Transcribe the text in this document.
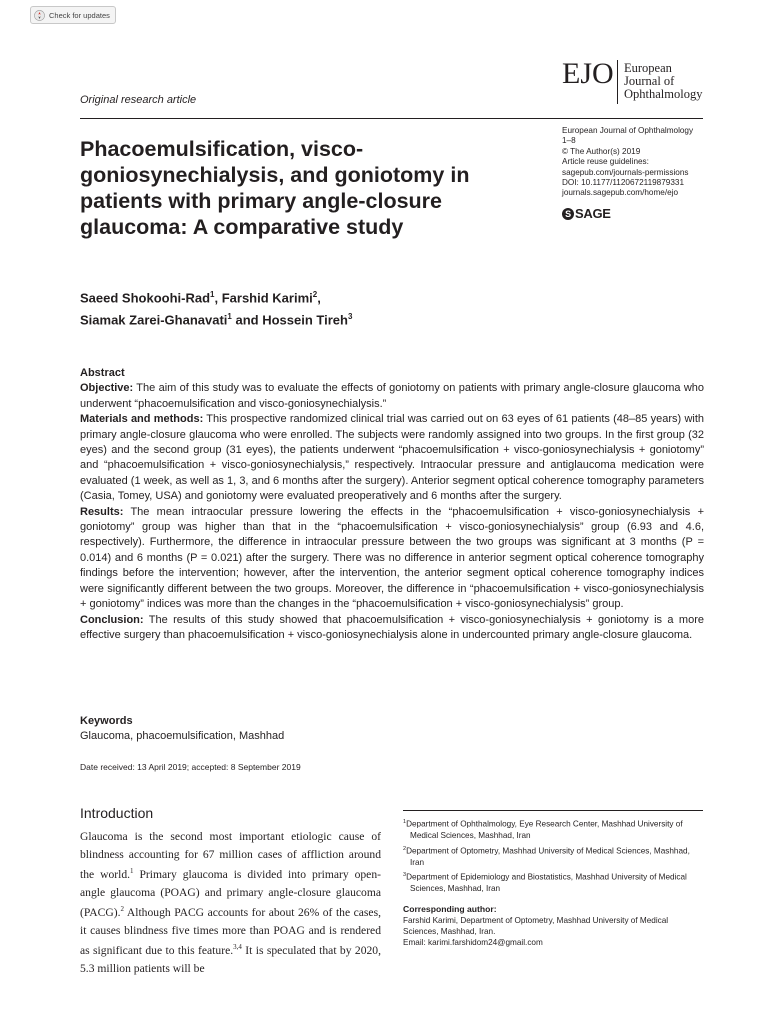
Check for updates
EJO European
Journal of
Ophthalmology
Original research article
Phacoemulsification, visco-goniosynechialysis, and goniotomy in patients with primary angle-closure glaucoma: A comparative study
European Journal of Ophthalmology
1–8
© The Author(s) 2019
Article reuse guidelines:
sagepub.com/journals-permissions
DOI: 10.1177/1120672119879331
journals.sagepub.com/home/ejo
S SAGE
Saeed Shokoohi-Rad$^1$, Farshid Karimi$^2$,
Siamak Zarei-Ghanavati$^1$ and Hossein Tireh$^3$
Abstract

Objective: The aim of this study was to evaluate the effects of goniotomy on patients with primary angle-closure glaucoma who underwent “phacoemulsification and visco-goniosynechialysis.”

Materials and methods: This prospective randomized clinical trial was carried out on 63 eyes of 61 patients (48–85 years) with primary angle-closure glaucoma who were enrolled. The subjects were randomly assigned into two groups. In the first group (32 eyes) and the second group (31 eyes), the patients underwent “phacoemulsification + visco-goniosynechialysis + goniotomy” and “phacoemulsification + visco-goniosynechialysis,” respectively. Intraocular pressure and antiglaucoma medication were evaluated (1 week, as well as 1, 3, and 6 months after the surgery). Anterior segment optical coherence tomography parameters (Casia, Tomey, USA) and goniotomy were evaluated preoperatively and 6 months after the surgery.

Results: The mean intraocular pressure lowering the effects in the “phacoemulsification + visco-goniosynechialysis + goniotomy” group was higher than that in the “phacoemulsification + visco-goniosynechialysis” group (6.93 and 4.6, respectively). Furthermore, the difference in intraocular pressure between the two groups was significant at 3 months (P = 0.014) and 6 months (P = 0.021) after the surgery. There was no difference in anterior segment optical coherence tomography findings before the intervention; however, after the intervention, the anterior segment optical coherence tomography indices were significantly different between the two groups. Moreover, the difference in “phacoemulsification + visco-goniosynechialysis + goniotomy” indices was more than the changes in the “phacoemulsification + visco-goniosynechialysis” group.

Conclusion: The results of this study showed that phacoemulsification + visco-goniosynechialysis + goniotomy is a more effective surgery than phacoemulsification + visco-goniosynechialysis alone in undercounted primary angle-closure glaucoma.

Keywords
Glaucoma, phacoemulsification, Mashhad
Date received: 13 April 2019; accepted: 8 September 2019
Introduction
Glaucoma is the second most important etiologic cause of blindness accounting for 67 million cases of affliction around the world.$^1$ Primary glaucoma is divided into primary open-angle glaucoma (POAG) and primary angle-closure glaucoma (PACG).$^2$ Although PACG accounts for about 26% of the cases, it causes blindness five times more than POAG and is rendered as significant due to this feature.$^{3,4}$ It is speculated that by 2020, 5.3 million patients will be

$^1$Department of Ophthalmology, Eye Research Center, Mashhad University of Medical Sciences, Mashhad, Iran

$^2$Department of Optometry, Mashhad University of Medical Sciences, Mashhad, Iran

$^3$Department of Epidemiology and Biostatistics, Mashhad University of Medical Sciences, Mashhad, Iran

Corresponding author:
Farshid Karimi, Department of Optometry, Mashhad University of Medical Sciences, Mashhad, Iran.
Email: karimi.farshidom24@gmail.com
